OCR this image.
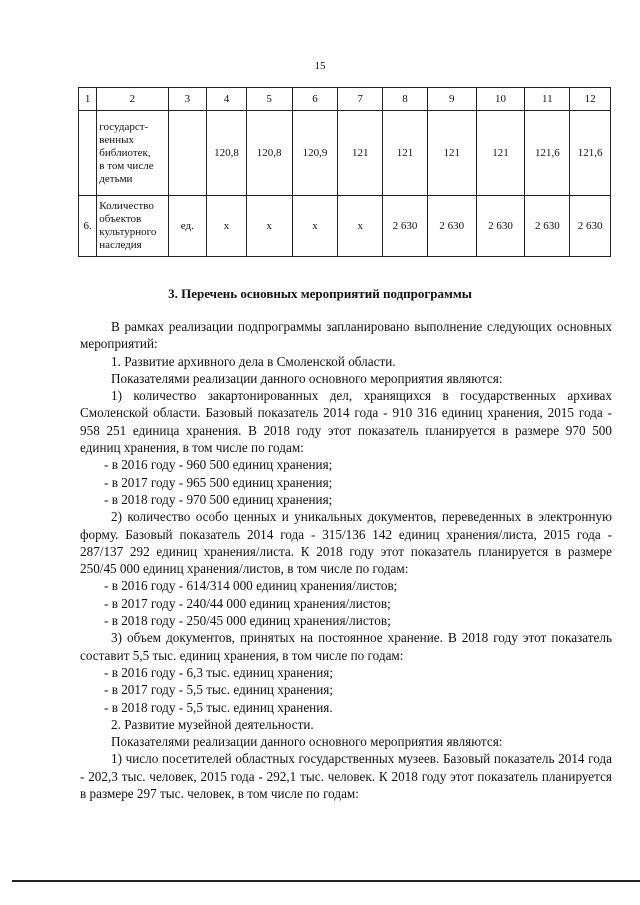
15
1	2	3	4	5	6	7	8	9	10	11	12

	государст-
венных
библиотек,
в том числе
детьми		120,8	120,8	120,9	121	121	121	121	121,6	121,6
6.	Количество
объектов
культурного
наследия	ед.	х	х	х	х	2 630	2 630	2 630	2 630	2 630
3. Перечень основных мероприятий подпрограммы

В рамках реализации подпрограммы запланировано выполнение следующих основных мероприятий:

1. Развитие архивного дела в Смоленской области.

Показателями реализации данного основного мероприятия являются:

1) количество закартонированных дел, хранящихся в государственных архивах Смоленской области. Базовый показатель 2014 года - 910 316 единиц хранения, 2015 года - 958 251 единица хранения. В 2018 году этот показатель планируется в размере 970 500 единиц хранения, в том числе по годам:

- в 2016 году - 960 500 единиц хранения;

- в 2017 году - 965 500 единиц хранения;

- в 2018 году - 970 500 единиц хранения;

2) количество особо ценных и уникальных документов, переведенных в электронную форму. Базовый показатель 2014 года - 315/136 142 единиц хранения/листа, 2015 года - 287/137 292 единиц хранения/листа. К 2018 году этот показатель планируется в размере 250/45 000 единиц хранения/листов, в том числе по годам:

- в 2016 году - 614/314 000 единиц хранения/листов;

- в 2017 году - 240/44 000 единиц хранения/листов;

- в 2018 году - 250/45 000 единиц хранения/листов;

3) объем документов, принятых на постоянное хранение. В 2018 году этот показатель составит 5,5 тыс. единиц хранения, в том числе по годам:

- в 2016 году - 6,3 тыс. единиц хранения;

- в 2017 году - 5,5 тыс. единиц хранения;

- в 2018 году - 5,5 тыс. единиц хранения.

2. Развитие музейной деятельности.

Показателями реализации данного основного мероприятия являются:

1) число посетителей областных государственных музеев. Базовый показатель 2014 года - 202,3 тыс. человек, 2015 года - 292,1 тыс. человек. К 2018 году этот показатель планируется в размере 297 тыс. человек, в том числе по годам:
